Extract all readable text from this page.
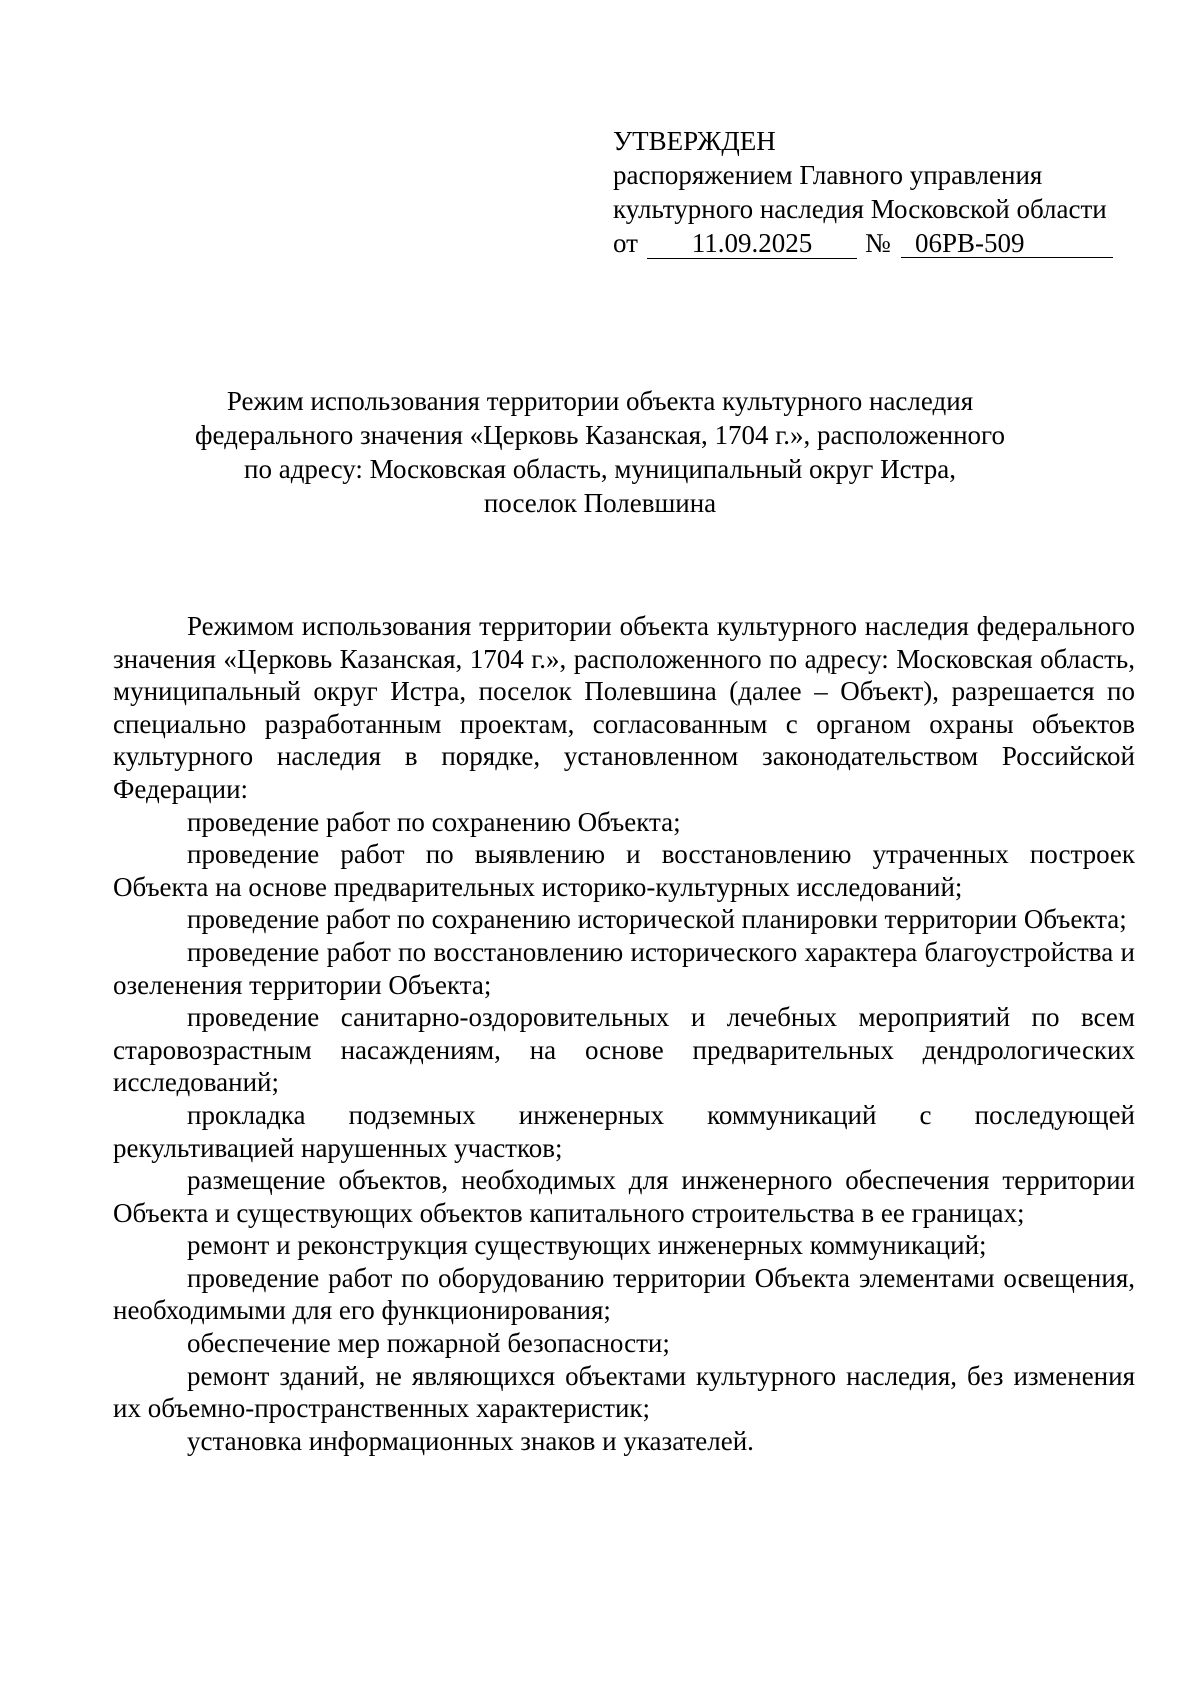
УТВЕРЖДЕН
распоряжением Главного управления
культурного наследия Московской области
от	11.09.2025	№ 06РВ-509
Режим использования территории объекта культурного наследия
федерального значения «Церковь Казанская, 1704 г.», расположенного
по адресу: Московская область, муниципальный округ Истра,
поселок Полевшина

Режимом использования территории объекта культурного наследия федерального значения «Церковь Казанская, 1704 г.», расположенного по адресу: Московская область, муниципальный округ Истра, поселок Полевшина (далее – Объект), разрешается по специально разработанным проектам, согласованным с органом охраны объектов культурного наследия в порядке, установленном законодательством Российской Федерации:

проведение работ по сохранению Объекта;

проведение работ по выявлению и восстановлению утраченных построек Объекта на основе предварительных историко-культурных исследований;

проведение работ по сохранению исторической планировки территории Объекта;

проведение работ по восстановлению исторического характера благоустройства и озеленения территории Объекта;

проведение санитарно-оздоровительных и лечебных мероприятий по всем старовозрастным насаждениям, на основе предварительных дендрологических исследований;

прокладка подземных инженерных коммуникаций с последующей рекультивацией нарушенных участков;

размещение объектов, необходимых для инженерного обеспечения территории Объекта и существующих объектов капитального строительства в ее границах;

ремонт и реконструкция существующих инженерных коммуникаций;

проведение работ по оборудованию территории Объекта элементами освещения, необходимыми для его функционирования;

обеспечение мер пожарной безопасности;

ремонт зданий, не являющихся объектами культурного наследия, без изменения их объемно-пространственных характеристик;

установка информационных знаков и указателей.
